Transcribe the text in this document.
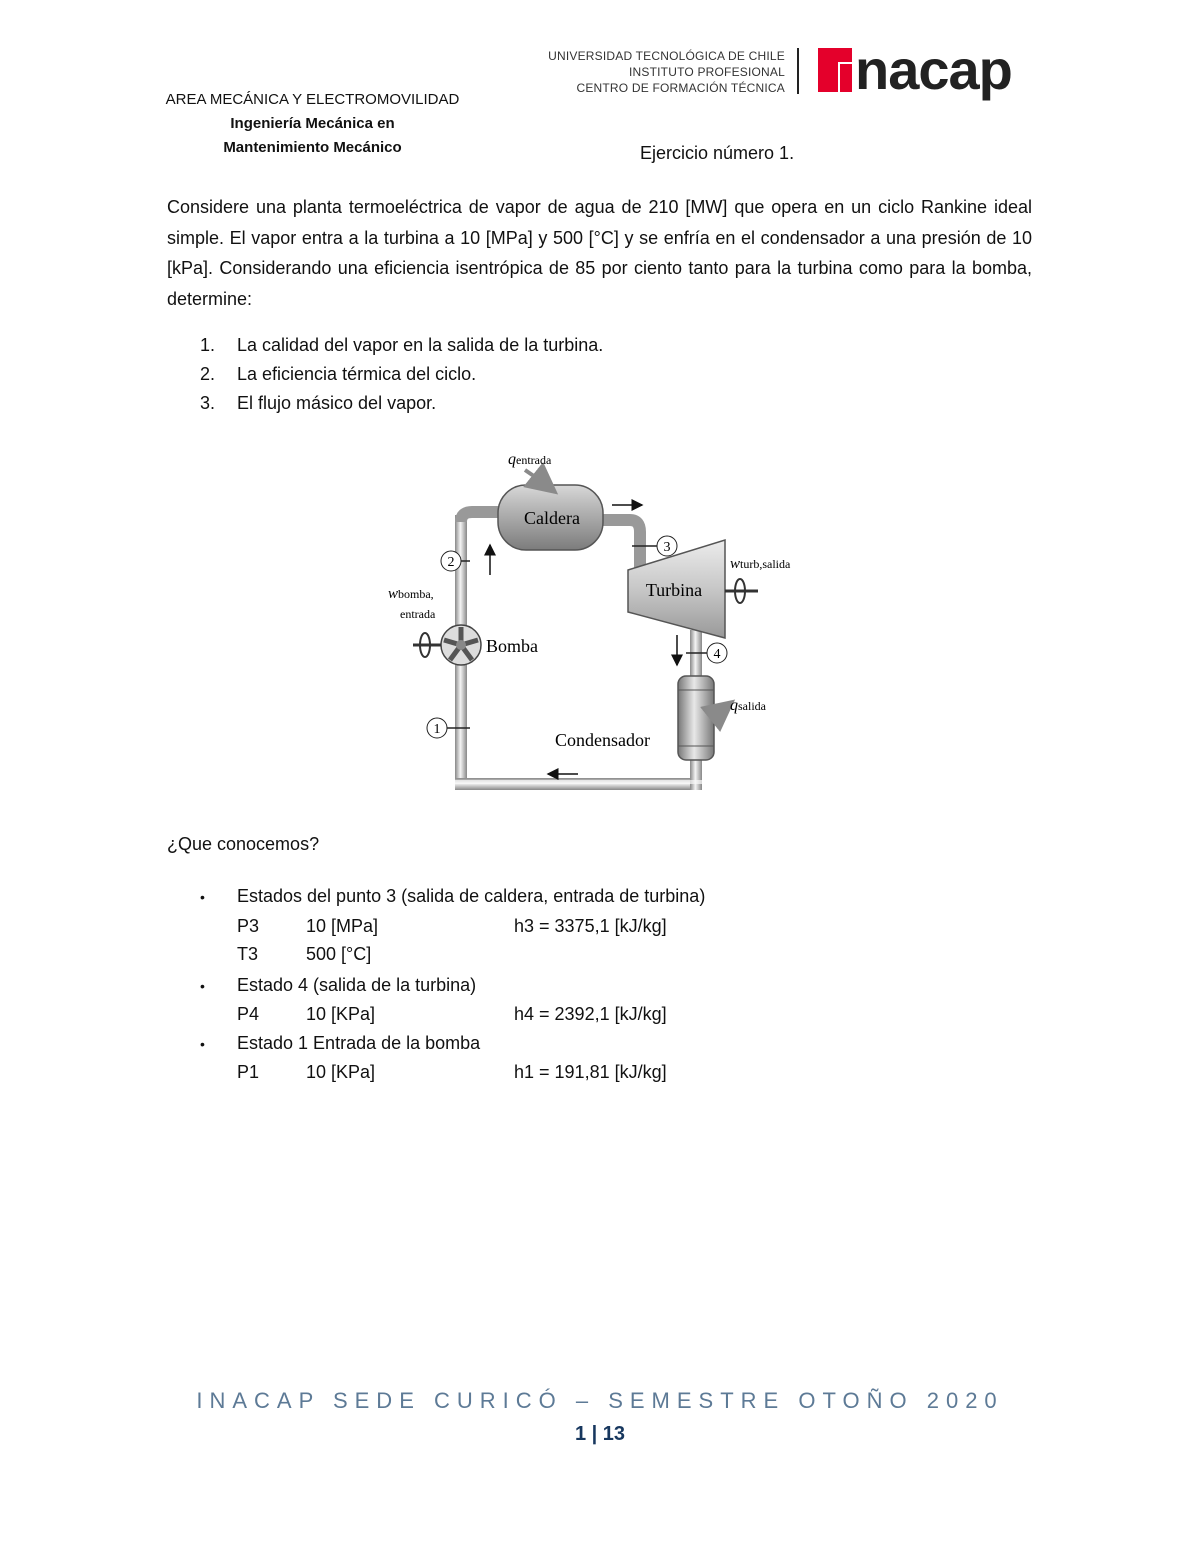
AREA MECÁNICA Y ELECTROMOVILIDAD
Ingeniería Mecánica en
Mantenimiento Mecánico
UNIVERSIDAD TECNOLÓGICA DE CHILE
INSTITUTO PROFESIONAL
CENTRO DE FORMACIÓN TÉCNICA nacap
Ejercicio número 1.
Considere una planta termoeléctrica de vapor de agua de 210 [MW] que opera en un ciclo Rankine ideal simple. El vapor entra a la turbina a 10 [MPa] y 500 [°C] y se enfría en el condensador a una presión de 10 [kPa]. Considerando una eficiencia isentrópica de 85 por ciento tanto para la turbina como para la bomba, determine:
1. La calidad del vapor en la salida de la turbina.
2. La eficiencia térmica del ciclo.
3. El flujo másico del vapor.
Caldera
qentrada
Turbina
wturb,salida
Bomba
wbomba,
entrada
Condensador
qsalida
1
2
3
4
¿Que conocemos?
• Estados del punto 3 (salida de caldera, entrada de turbina)
P3	10 [MPa]	h3 = 3375,1 [kJ/kg]
T3	500 [°C]
• Estado 4 (salida de la turbina)
P4	10 [KPa]	h4 = 2392,1 [kJ/kg]
• Estado 1 Entrada de la bomba
P1	10 [KPa]	h1 = 191,81 [kJ/kg]
INACAP SEDE CURICÓ – SEMESTRE OTOÑO 2020
1 | 13
